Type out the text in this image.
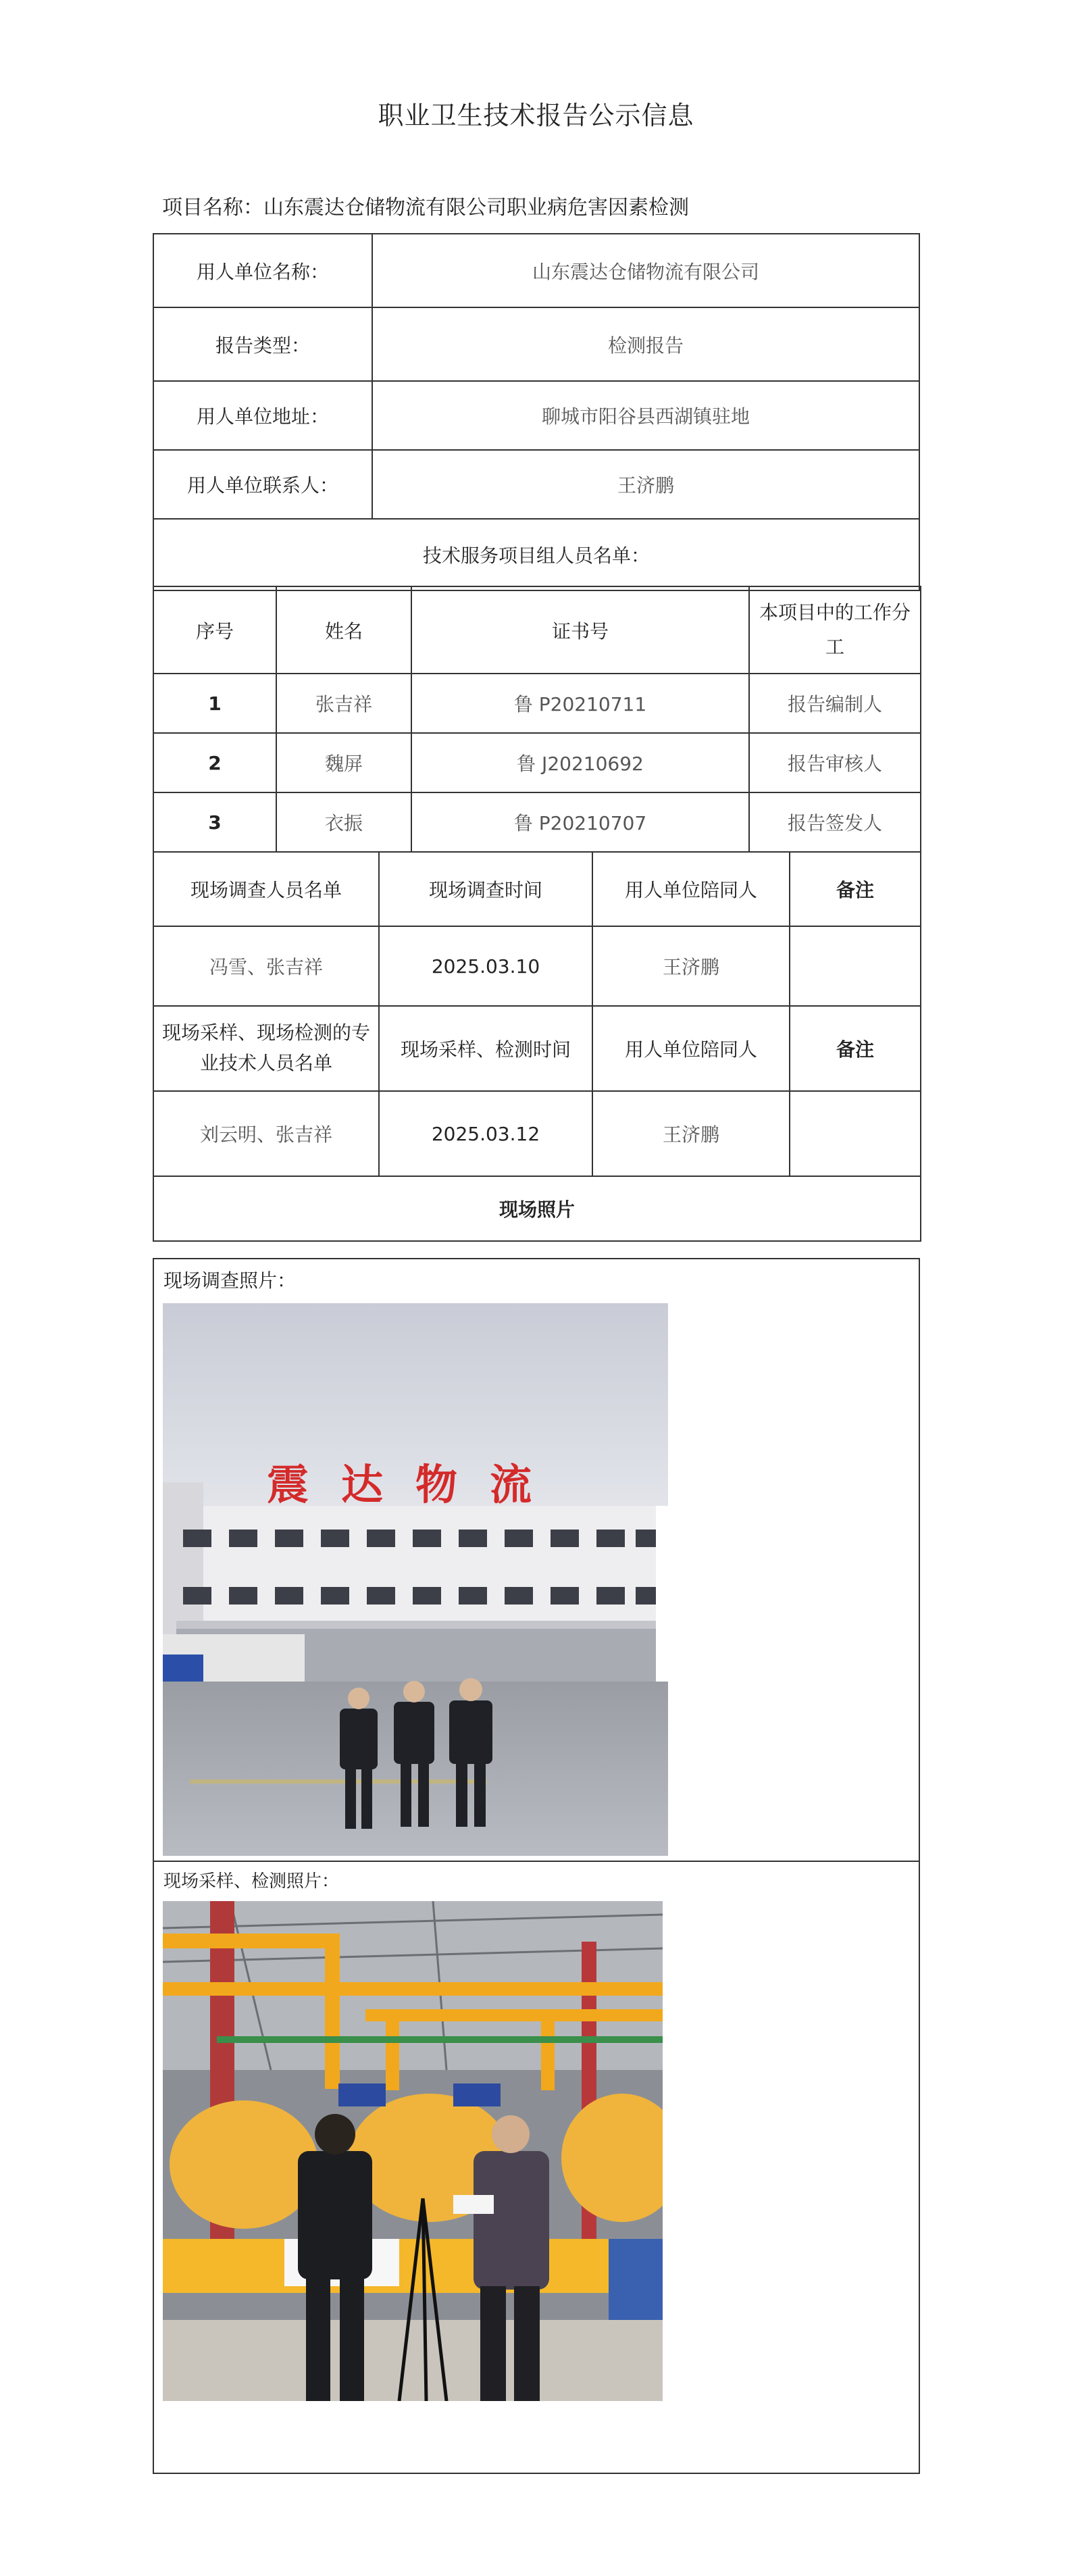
职业卫生技术报告公示信息
项目名称：山东震达仓储物流有限公司职业病危害因素检测
用人单位名称：	山东震达仓储物流有限公司
报告类型：	检测报告
用人单位地址：	聊城市阳谷县西湖镇驻地
用人单位联系人：	王济鹏
技术服务项目组人员名单：	
序号	姓名	证书号	本项目中的工作分工
1	张吉祥	鲁 P20210711	报告编制人
2	魏屏	鲁 J20210692	报告审核人
3	衣振	鲁 P20210707	报告签发人
现场调查人员名单	现场调查时间	用人单位陪同人	备注
冯雪、张吉祥	2025.03.10	王济鹏	
现场采样、现场检测的专业技术人员名单	现场采样、检测时间	用人单位陪同人	备注
刘云明、张吉祥	2025.03.12	王济鹏	
现场照片			
现场调查照片：
震达物流
现场采样、检测照片：
